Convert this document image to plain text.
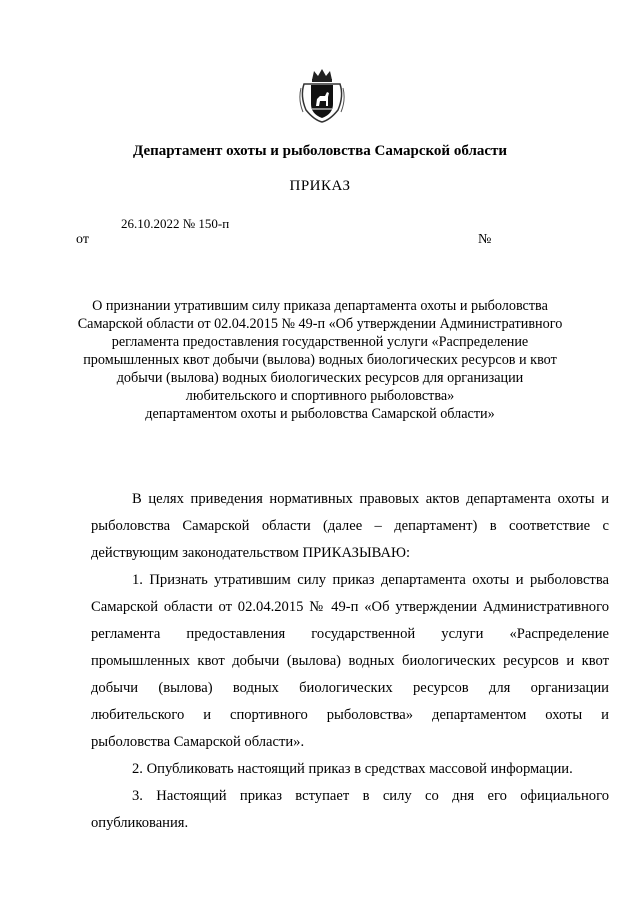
Департамент охоты и рыболовства Самарской области
ПРИКАЗ
26.10.2022 № 150-п
от	№
О признании утратившим силу приказа департамента охоты и рыболовства
Самарской области от 02.04.2015 № 49-п «Об утверждении Административного
регламента предоставления государственной услуги «Распределение
промышленных квот добычи (вылова) водных биологических ресурсов и квот
добычи (вылова) водных биологических ресурсов для организации
любительского и спортивного рыболовства»
департаментом охоты и рыболовства Самарской области»
В целях приведения нормативных правовых актов департамента охоты и
рыболовства Самарской области (далее – департамент) в соответствие с
действующим законодательством ПРИКАЗЫВАЮ:
1. Признать утратившим силу приказ департамента охоты и рыболовства
Самарской области от 02.04.2015 № 49-п «Об утверждении Административного
регламента предоставления государственной услуги «Распределение
промышленных квот добычи (вылова) водных биологических ресурсов и квот
добычи (вылова) водных биологических ресурсов для организации
любительского и спортивного рыболовства» департаментом охоты и
рыболовства Самарской области».
2. Опубликовать настоящий приказ в средствах массовой информации.
3. Настоящий приказ вступает в силу со дня его официального
опубликования.
